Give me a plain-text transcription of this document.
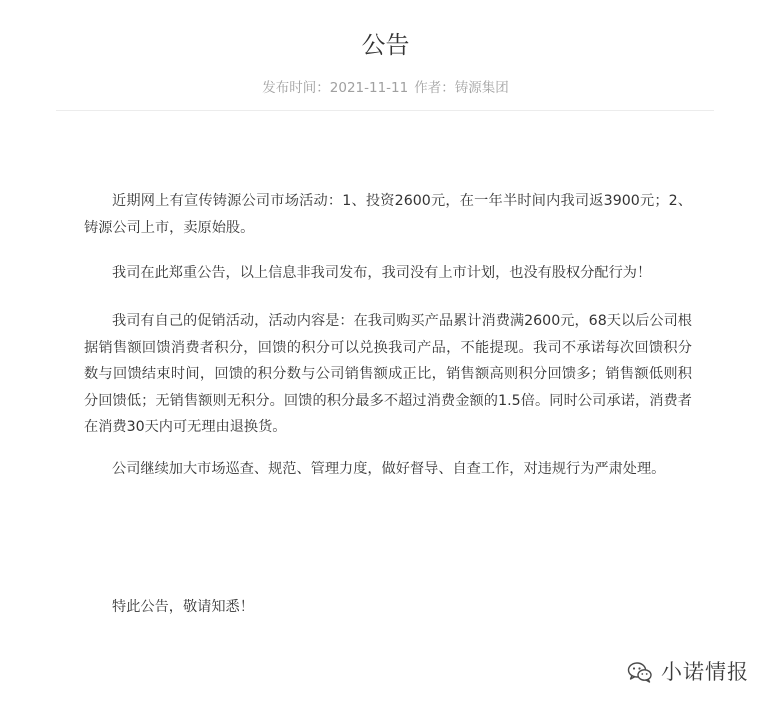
公告
发布时间：2021-11-11 作者：铸源集团

近期网上有宣传铸源公司市场活动：1、投资2600元，在一年半时间内我司返3900元；2、铸源公司上市，卖原始股。

我司在此郑重公告，以上信息非我司发布，我司没有上市计划，也没有股权分配行为！

我司有自己的促销活动，活动内容是：在我司购买产品累计消费满2600元，68天以后公司根据销售额回馈消费者积分，回馈的积分可以兑换我司产品，不能提现。我司不承诺每次回馈积分数与回馈结束时间，回馈的积分数与公司销售额成正比，销售额高则积分回馈多；销售额低则积分回馈低；无销售额则无积分。回馈的积分最多不超过消费金额的1.5倍。同时公司承诺，消费者在消费30天内可无理由退换货。

公司继续加大市场巡查、规范、管理力度，做好督导、自查工作，对违规行为严肃处理。

特此公告，敬请知悉！

小诺情报
